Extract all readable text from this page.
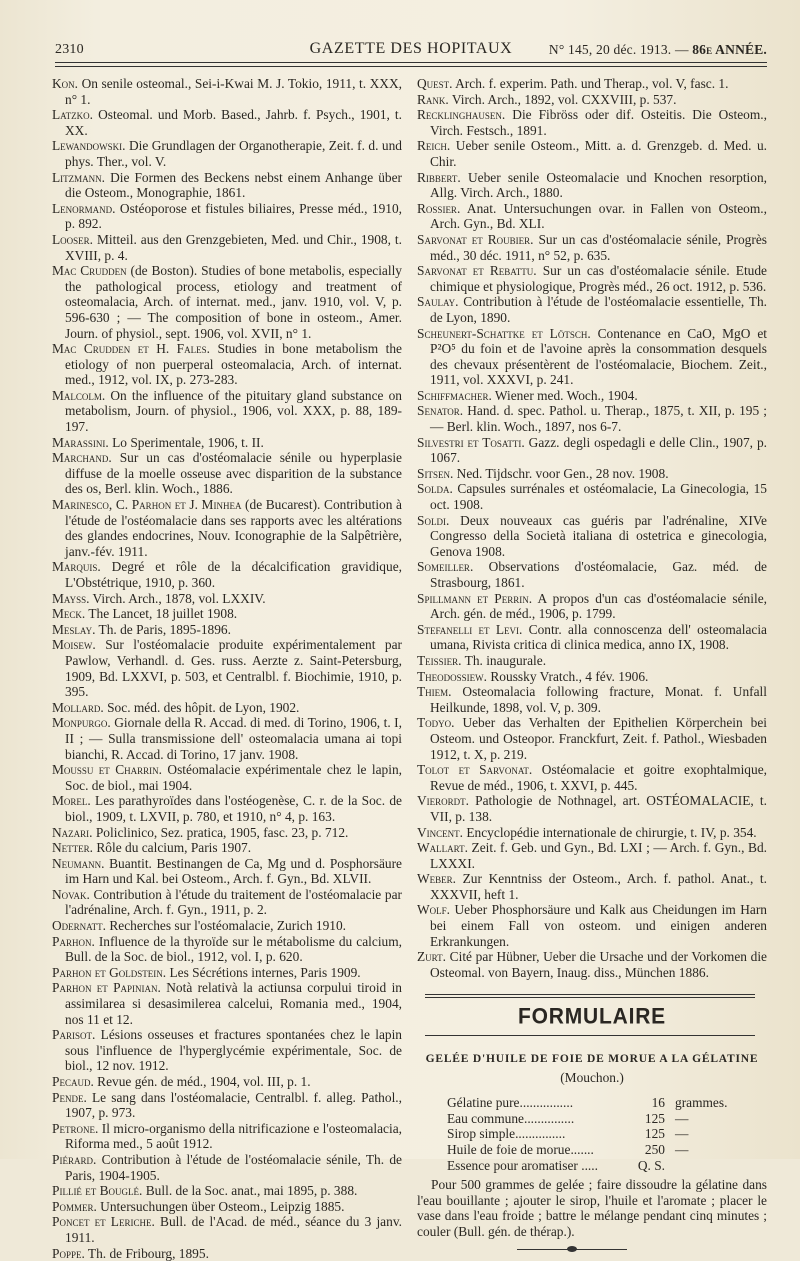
2310	GAZETTE DES HOPITAUX	N° 145, 20 déc. 1913. — 86e ANNÉE.

Kon. On senile osteomal., Sei-i-Kwai M. J. Tokio, 1911, t. XXX, n° 1.

Latzko. Osteomal. und Morb. Based., Jahrb. f. Psych., 1901, t. XX.

Lewandowski. Die Grundlagen der Organotherapie, Zeit. f. d. und phys. Ther., vol. V.

Litzmann. Die Formen des Beckens nebst einem Anhange über die Osteom., Monographie, 1861.

Lenormand. Ostéoporose et fistules biliaires, Presse méd., 1910, p. 892.

Looser. Mitteil. aus den Grenzgebieten, Med. und Chir., 1908, t. XVIII, p. 4.

Mac Crudden (de Boston). Studies of bone metabolis, especially the pathological process, etiology and treatment of osteomalacia, Arch. of internat. med., janv. 1910, vol. V, p. 596-630 ; — The composition of bone in osteom., Amer. Journ. of physiol., sept. 1906, vol. XVII, n° 1.

Mac Crudden et H. Fales. Studies in bone metabolism the etiology of non puerperal osteomalacia, Arch. of internat. med., 1912, vol. IX, p. 273-283.

Malcolm. On the influence of the pituitary gland substance on metabolism, Journ. of physiol., 1906, vol. XXX, p. 88, 189-197.

Marassini. Lo Sperimentale, 1906, t. II.

Marchand. Sur un cas d'ostéomalacie sénile ou hyperplasie diffuse de la moelle osseuse avec disparition de la substance des os, Berl. klin. Woch., 1886.

Marinesco, C. Parhon et J. Minhea (de Bucarest). Contribution à l'étude de l'ostéomalacie dans ses rapports avec les altérations des glandes endocrines, Nouv. Iconographie de la Salpêtrière, janv.-fév. 1911.

Marquis. Degré et rôle de la décalcification gravidique, L'Obstétrique, 1910, p. 360.

Mayss. Virch. Arch., 1878, vol. LXXIV.

Meck. The Lancet, 18 juillet 1908.

Meslay. Th. de Paris, 1895-1896.

Moisew. Sur l'ostéomalacie produite expérimentalement par Pawlow, Verhandl. d. Ges. russ. Aerzte z. Saint-Petersburg, 1909, Bd. LXXVI, p. 503, et Centralbl. f. Biochimie, 1910, p. 395.

Mollard. Soc. méd. des hôpit. de Lyon, 1902.

Monpurgo. Giornale della R. Accad. di med. di Torino, 1906, t. I, II ; — Sulla transmissione dell' osteomalacia umana ai topi bianchi, R. Accad. di Torino, 17 janv. 1908.

Moussu et Charrin. Ostéomalacie expérimentale chez le lapin, Soc. de biol., mai 1904.

Morel. Les parathyroïdes dans l'ostéogenèse, C. r. de la Soc. de biol., 1909, t. LXVII, p. 780, et 1910, n° 4, p. 163.

Nazari. Policlinico, Sez. pratica, 1905, fasc. 23, p. 712.

Netter. Rôle du calcium, Paris 1907.

Neumann. Buantit. Bestinangen de Ca, Mg und d. Posphorsäure im Harn und Kal. bei Osteom., Arch. f. Gyn., Bd. XLVII.

Novak. Contribution à l'étude du traitement de l'ostéomalacie par l'adrénaline, Arch. f. Gyn., 1911, p. 2.

Odernatt. Recherches sur l'ostéomalacie, Zurich 1910.

Parhon. Influence de la thyroïde sur le métabolisme du calcium, Bull. de la Soc. de biol., 1912, vol. I, p. 620.

Parhon et Goldstein. Les Sécrétions internes, Paris 1909.

Parhon et Papinian. Notà relativà la actiunsa corpului tiroid in assimilarea si desasimilerea calcelui, Romania med., 1904, nos 11 et 12.

Parisot. Lésions osseuses et fractures spontanées chez le lapin sous l'influence de l'hyperglycémie expérimentale, Soc. de biol., 12 nov. 1912.

Pecaud. Revue gén. de méd., 1904, vol. III, p. 1.

Pende. Le sang dans l'ostéomalacie, Centralbl. f. alleg. Pathol., 1907, p. 973.

Petrone. Il micro-organismo della nitrificazione e l'osteomalacia, Riforma med., 5 août 1912.

Piérard. Contribution à l'étude de l'ostéomalacie sénile, Th. de Paris, 1904-1905.

Pillié et Bouglé. Bull. de la Soc. anat., mai 1895, p. 388.

Pommer. Untersuchungen über Osteom., Leipzig 1885.

Poncet et Leriche. Bull. de l'Acad. de méd., séance du 3 janv. 1911.

Poppe. Th. de Fribourg, 1895.

Quest. Arch. f. experim. Path. und Therap., vol. V, fasc. 1.

Rank. Virch. Arch., 1892, vol. CXXVIII, p. 537.

Recklinghausen. Die Fibröss oder dif. Osteitis. Die Osteom., Virch. Festsch., 1891.

Reich. Ueber senile Osteom., Mitt. a. d. Grenzgeb. d. Med. u. Chir.

Ribbert. Ueber senile Osteomalacie und Knochen resorption, Allg. Virch. Arch., 1880.

Rossier. Anat. Untersuchungen ovar. in Fallen von Osteom., Arch. Gyn., Bd. XLI.

Sarvonat et Roubier. Sur un cas d'ostéomalacie sénile, Progrès méd., 30 déc. 1911, n° 52, p. 635.

Sarvonat et Rebattu. Sur un cas d'ostéomalacie sénile. Etude chimique et physiologique, Progrès méd., 26 oct. 1912, p. 536.

Saulay. Contribution à l'étude de l'ostéomalacie essentielle, Th. de Lyon, 1890.

Scheunert-Schattke et Lötsch. Contenance en CaO, MgO et P²O⁵ du foin et de l'avoine après la consommation desquels des chevaux présentèrent de l'ostéomalacie, Biochem. Zeit., 1911, vol. XXXVI, p. 241.

Schiffmacher. Wiener med. Woch., 1904.

Senator. Hand. d. spec. Pathol. u. Therap., 1875, t. XII, p. 195 ; — Berl. klin. Woch., 1897, nos 6-7.

Silvestri et Tosatti. Gazz. degli ospedagli e delle Clin., 1907, p. 1067.

Sitsen. Ned. Tijdschr. voor Gen., 28 nov. 1908.

Solda. Capsules surrénales et ostéomalacie, La Ginecologia, 15 oct. 1908.

Soldi. Deux nouveaux cas guéris par l'adrénaline, XIVe Congresso della Società italiana di ostetrica e ginecologia, Genova 1908.

Someiller. Observations d'ostéomalacie, Gaz. méd. de Strasbourg, 1861.

Spillmann et Perrin. A propos d'un cas d'ostéomalacie sénile, Arch. gén. de méd., 1906, p. 1799.

Stefanelli et Levi. Contr. alla connoscenza dell' osteomalacia umana, Rivista critica di clinica medica, anno IX, 1908.

Teissier. Th. inaugurale.

Theodossiew. Roussky Vratch., 4 fév. 1906.

Thiem. Osteomalacia following fracture, Monat. f. Unfall Heilkunde, 1898, vol. V, p. 309.

Todyo. Ueber das Verhalten der Epithelien Körperchein bei Osteom. und Osteopor. Franckfurt, Zeit. f. Pathol., Wiesbaden 1912, t. X, p. 219.

Tolot et Sarvonat. Ostéomalacie et goitre exophtalmique, Revue de méd., 1906, t. XXVI, p. 445.

Vierordt. Pathologie de Nothnagel, art. OSTÉOMALACIE, t. VII, p. 138.

Vincent. Encyclopédie internationale de chirurgie, t. IV, p. 354.

Wallart. Zeit. f. Geb. und Gyn., Bd. LXI ; — Arch. f. Gyn., Bd. LXXXI.

Weber. Zur Kenntniss der Osteom., Arch. f. pathol. Anat., t. XXXVII, heft 1.

Wolf. Ueber Phosphorsäure und Kalk aus Cheidungen im Harn bei einem Fall von osteom. und einigen anderen Erkrankungen.

Zurt. Cité par Hübner, Ueber die Ursache und der Vorkomen die Osteomal. von Bayern, Inaug. diss., München 1886.

FORMULAIRE
GELÉE D'HUILE DE FOIE DE MORUE A LA GÉLATINE
(Mouchon.)
Gélatine pure................	16	grammes.
Eau commune...............	125	—
Sirop simple...............	125	—
Huile de foie de morue.......	250	—
Essence pour aromatiser .....	Q. S.	

Pour 500 grammes de gelée ; faire dissoudre la gélatine dans l'eau bouillante ; ajouter le sirop, l'huile et l'aromate ; placer le vase dans l'eau froide ; battre le mélange pendant cinq minutes ; couler (Bull. gén. de thérap.).
